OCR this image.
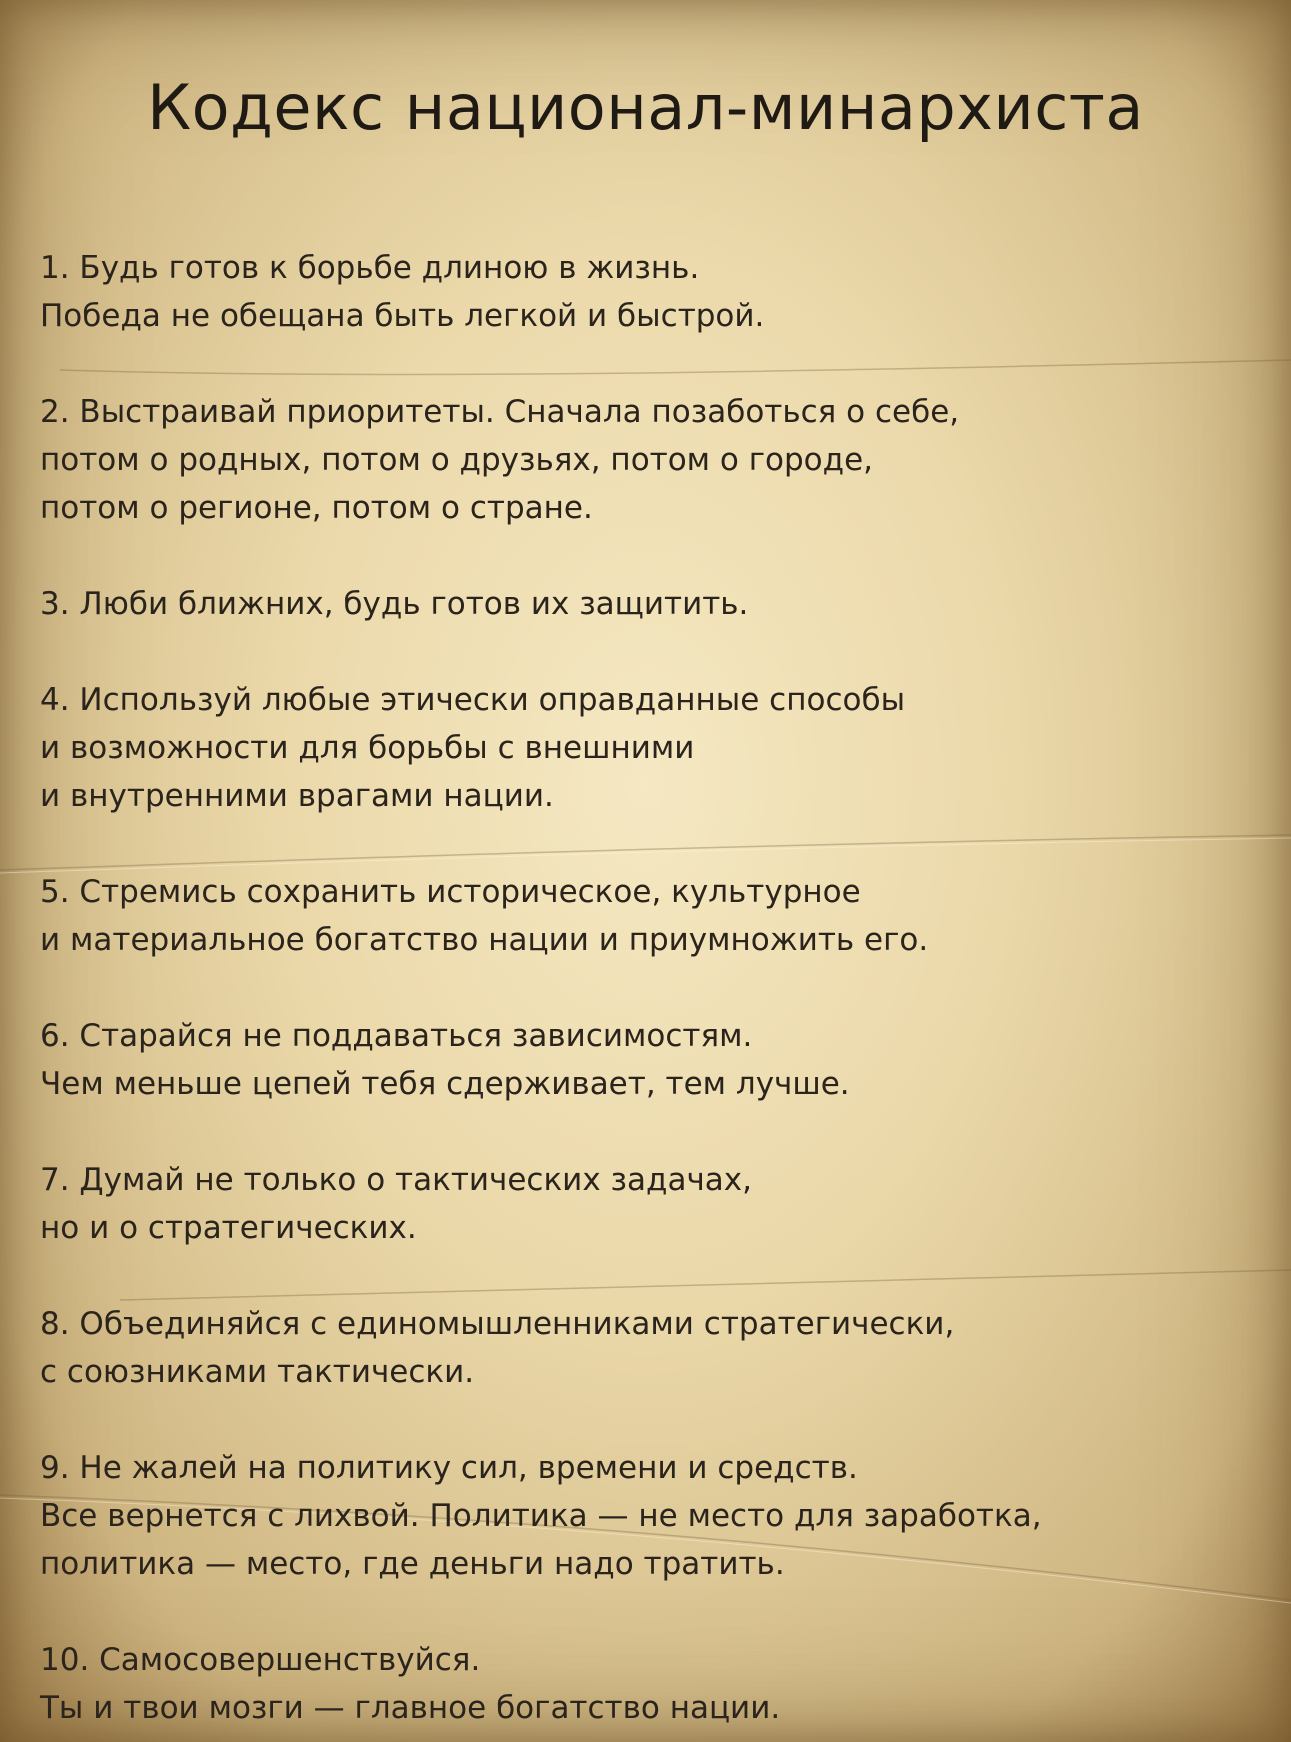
Кодекс национал-минархиста
1. Будь готов к борьбе длиною в жизнь.
Победа не обещана быть легкой и быстрой.
2. Выстраивай приоритеты. Сначала позаботься о себе,
потом о родных, потом о друзьях, потом о городе,
потом о регионе, потом о стране.
3. Люби ближних, будь готов их защитить.
4. Используй любые этически оправданные способы
и возможности для борьбы с внешними
и внутренними врагами нации.
5. Стремись сохранить историческое, культурное
и материальное богатство нации и приумножить его.
6. Старайся не поддаваться зависимостям.
Чем меньше цепей тебя сдерживает, тем лучше.
7. Думай не только о тактических задачах,
но и о стратегических.
8. Объединяйся с единомышленниками стратегически,
с союзниками тактически.
9. Не жалей на политику сил, времени и средств.
Все вернется с лихвой. Политика — не место для заработка,
политика — место, где деньги надо тратить.
10. Самосовершенствуйся.
Ты и твои мозги — главное богатство нации.
